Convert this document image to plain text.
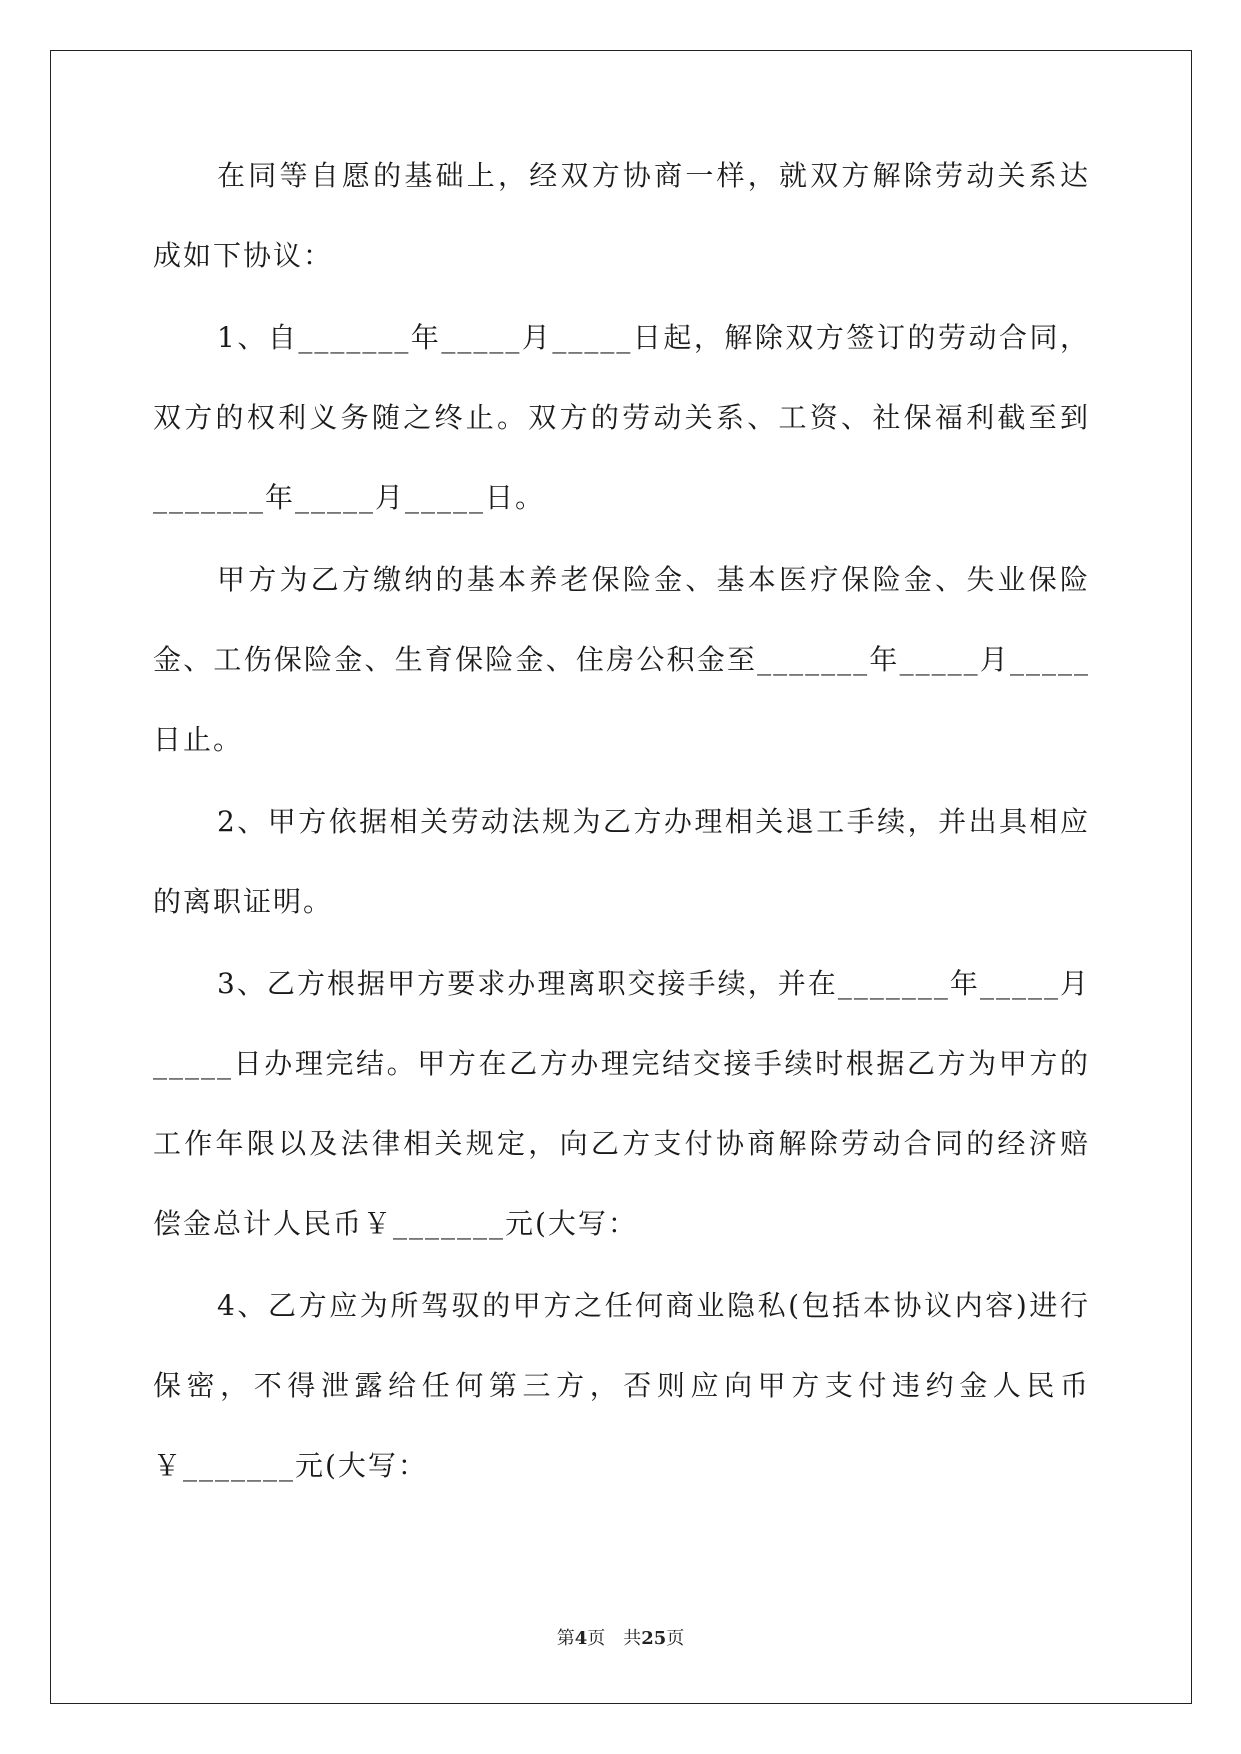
在同等自愿的基础上，经双方协商一样，就双方解除劳动关系达
成如下协议：
1、自_______年_____月_____日起，解除双方签订的劳动合同，
双方的权利义务随之终止。双方的劳动关系、工资、社保福利截至到
_______年_____月_____日。
甲方为乙方缴纳的基本养老保险金、基本医疗保险金、失业保险
金、工伤保险金、生育保险金、住房公积金至_______年_____月_____
日止。
2、甲方依据相关劳动法规为乙方办理相关退工手续，并出具相应
的离职证明。
3、乙方根据甲方要求办理离职交接手续，并在_______年_____月
_____日办理完结。甲方在乙方办理完结交接手续时根据乙方为甲方的
工作年限以及法律相关规定，向乙方支付协商解除劳动合同的经济赔
偿金总计人民币￥_______元(大写：
4、乙方应为所驾驭的甲方之任何商业隐私(包括本协议内容)进行
保密，不得泄露给任何第三方，否则应向甲方支付违约金人民币
￥_______元(大写：
第4页 共25页
